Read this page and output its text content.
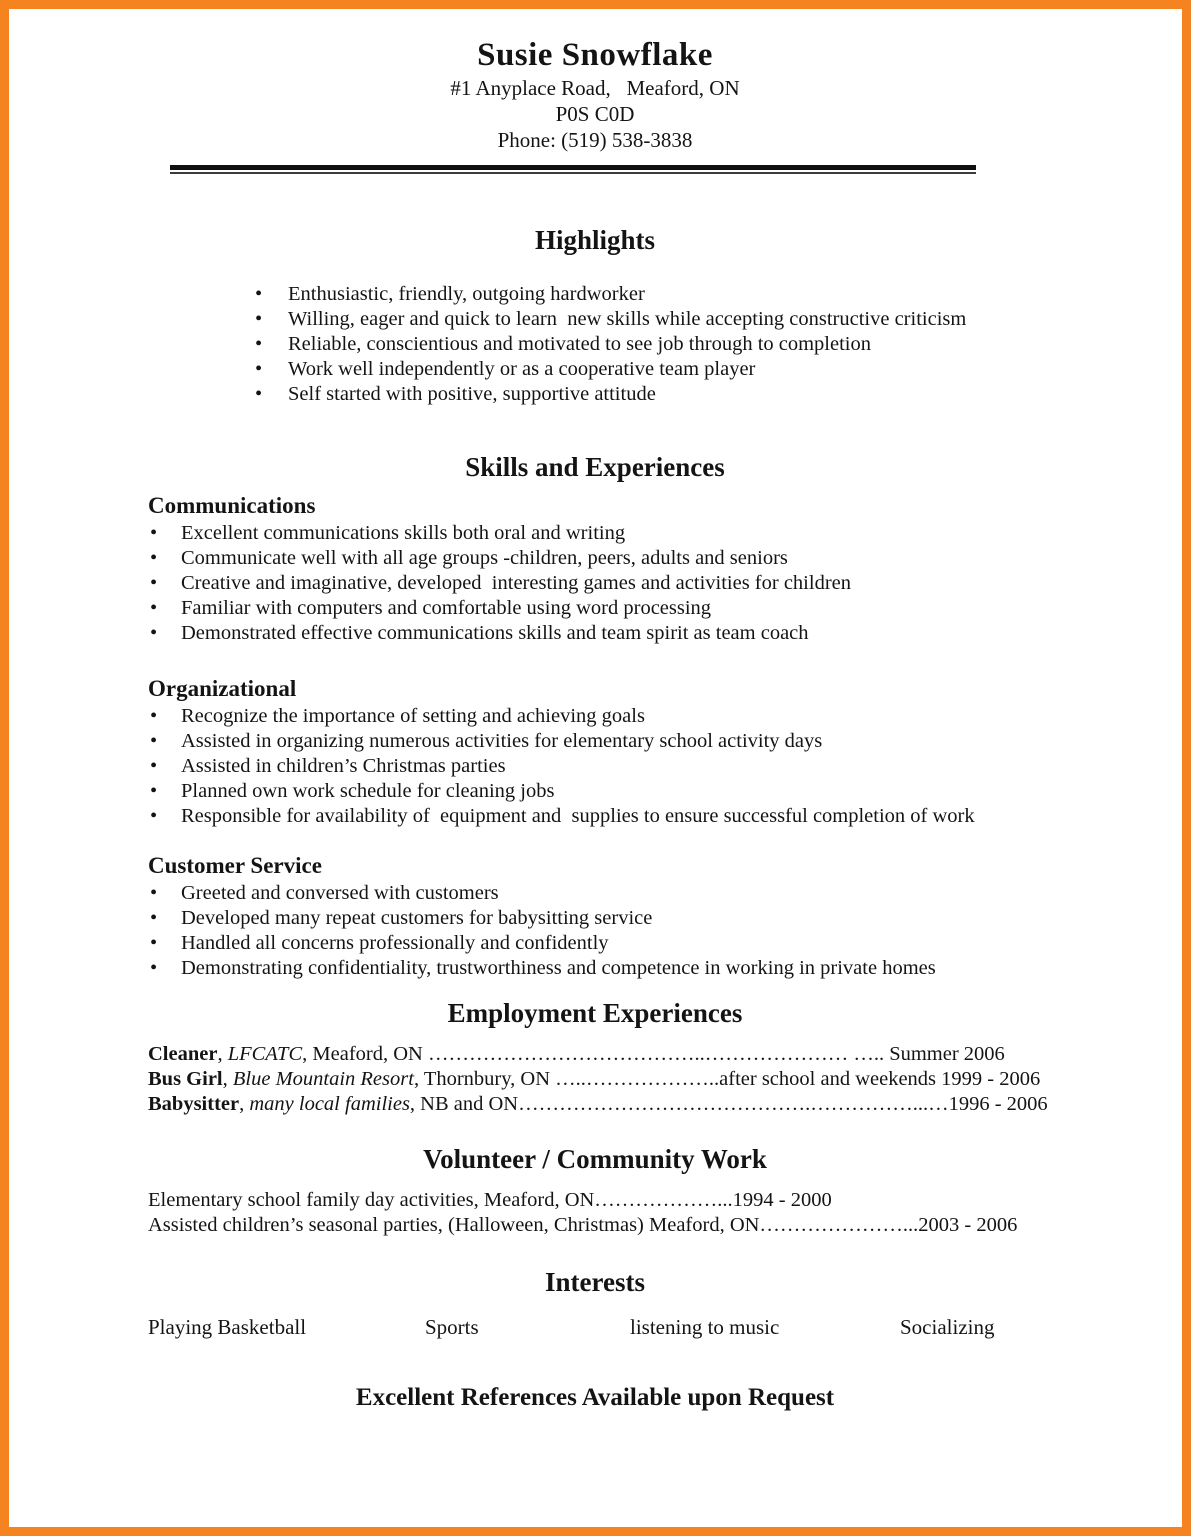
Susie Snowflake
#1 Anyplace Road,   Meaford, ON
P0S C0D
Phone: (519) 538-3838
Highlights
•
Enthusiastic, friendly, outgoing hardworker
•
Willing, eager and quick to learn  new skills while accepting constructive criticism
•
Reliable, conscientious and motivated to see job through to completion
•
Work well independently or as a cooperative team player
•
Self started with positive, supportive attitude
Skills and Experiences
Communications
•
Excellent communications skills both oral and writing
•
Communicate well with all age groups -children, peers, adults and seniors
•
Creative and imaginative, developed  interesting games and activities for children
•
Familiar with computers and comfortable using word processing
•
Demonstrated effective communications skills and team spirit as team coach
Organizational
•
Recognize the importance of setting and achieving goals
•
Assisted in organizing numerous activities for elementary school activity days
•
Assisted in children’s Christmas parties
•
Planned own work schedule for cleaning jobs
•
Responsible for availability of  equipment and  supplies to ensure successful completion of work
Customer Service
•
Greeted and conversed with customers
•
Developed many repeat customers for babysitting service
•
Handled all concerns professionally and confidently
•
Demonstrating confidentiality, trustworthiness and competence in working in private homes
Employment Experiences
Cleaner, LFCATC, Meaford, ON …………………………………..………………… ….. Summer 2006
Bus Girl, Blue Mountain Resort, Thornbury, ON …..………………..after school and weekends 1999 - 2006
Babysitter, many local families, NB and ON…………………………………….……………...…1996 - 2006
Volunteer / Community Work
Elementary school family day activities, Meaford, ON………………...1994 - 2000
Assisted children’s seasonal parties, (Halloween, Christmas) Meaford, ON…………………...2003 - 2006
Interests
Playing Basketball	Sports	listening to music	Socializing
Excellent References Available upon Request
